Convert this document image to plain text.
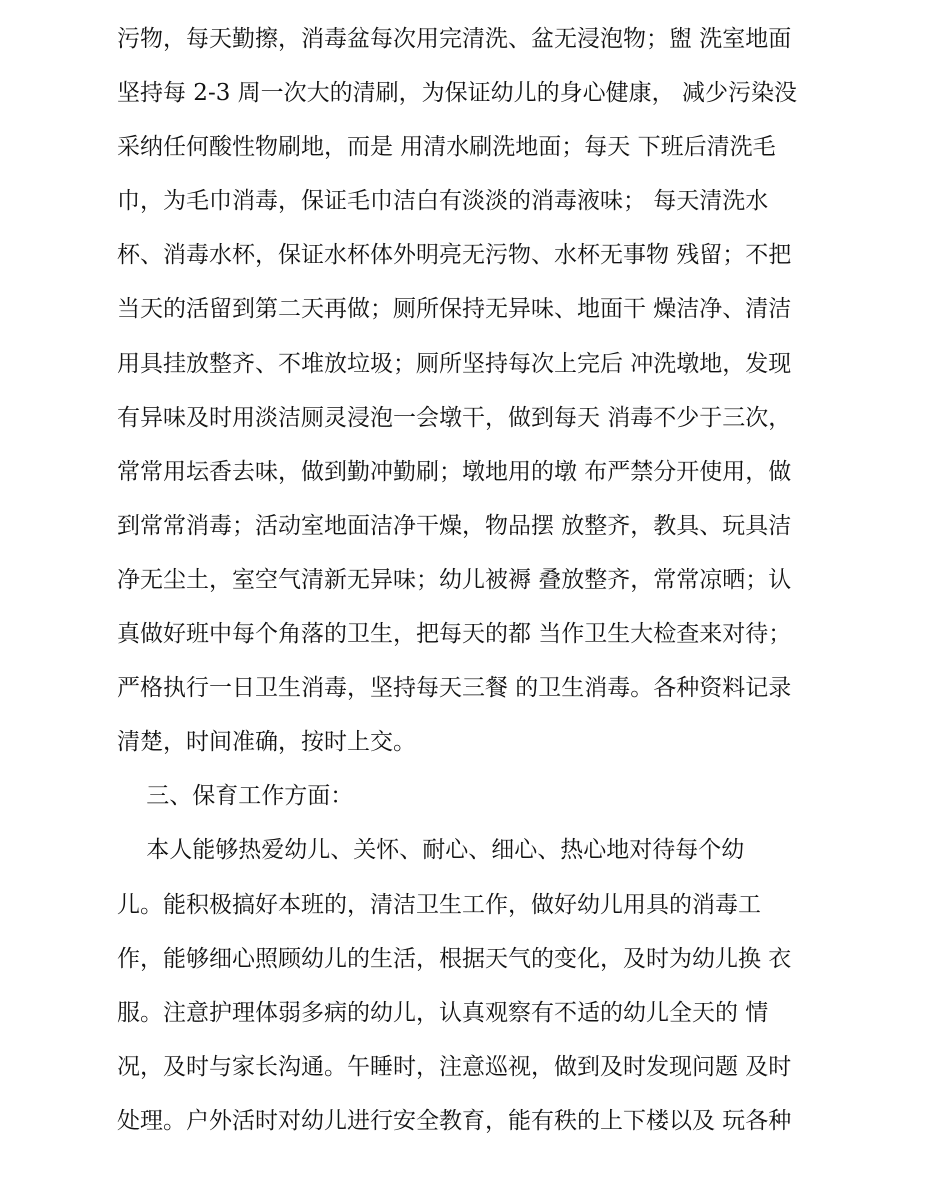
污物，每天勤擦，消毒盆每次用完清洗、盆无浸泡物；盥 洗室地面
坚持每 2-3 周一次大的清刷，为保证幼儿的身心健康， 减少污染没
采纳任何酸性物刷地，而是 用清水刷洗地面；每天 下班后清洗毛
巾，为毛巾消毒，保证毛巾洁白有淡淡的消毒液味； 每天清洗水
杯、消毒水杯，保证水杯体外明亮无污物、水杯无事物 残留；不把
当天的活留到第二天再做；厕所保持无异味、地面干 燥洁净、清洁
用具挂放整齐、不堆放垃圾；厕所坚持每次上完后 冲洗墩地，发现
有异味及时用淡洁厕灵浸泡一会墩干，做到每天 消毒不少于三次，
常常用坛香去味，做到勤冲勤刷；墩地用的墩 布严禁分开使用，做
到常常消毒；活动室地面洁净干燥，物品摆 放整齐，教具、玩具洁
净无尘土，室空气清新无异味；幼儿被褥 叠放整齐，常常凉晒；认
真做好班中每个角落的卫生，把每天的都 当作卫生大检查来对待；
严格执行一日卫生消毒，坚持每天三餐 的卫生消毒。各种资料记录
清楚，时间准确，按时上交。
三、保育工作方面：
本人能够热爱幼儿、关怀、耐心、细心、热心地对待每个幼
儿。能积极搞好本班的，清洁卫生工作，做好幼儿用具的消毒工
作，能够细心照顾幼儿的生活，根据天气的变化，及时为幼儿换 衣
服。注意护理体弱多病的幼儿，认真观察有不适的幼儿全天的 情
况，及时与家长沟通。午睡时，注意巡视，做到及时发现问题 及时
处理。户外活时对幼儿进行安全教育，能有秩的上下楼以及 玩各种
